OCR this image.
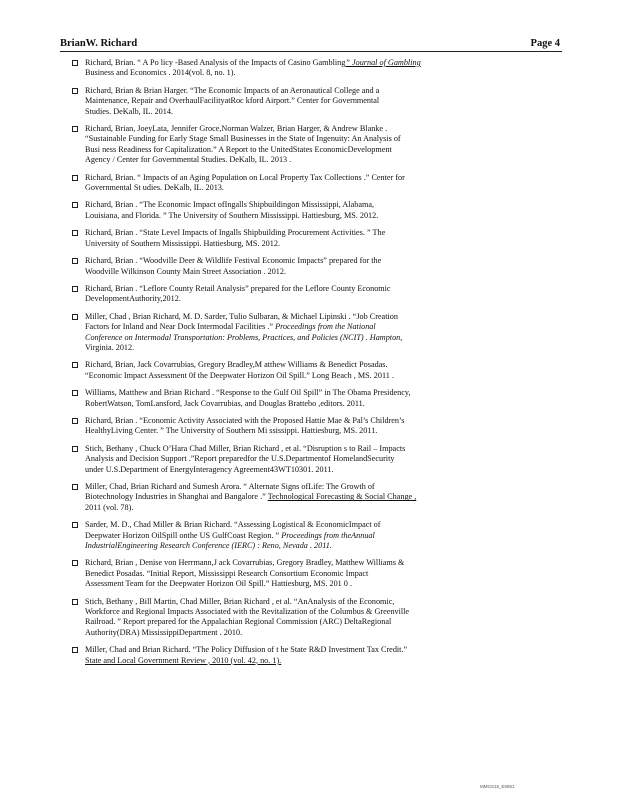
BrianW. Richard	Page 4
Richard, Brian. “ A Po licy -Based Analysis of the Impacts of Casino Gambling” Journal of Gambling
Business and Economics . 2014(vol. 8, no. 1).
Richard, Brian & Brian Harger. “The Economic Impacts of an Aeronautical College and a
Maintenance, Repair and OverhaulFacilityatRoc kford Airport.” Center for Governmental
Studies. DeKalb, IL. 2014.
Richard, Brian, JoeyLata, Jennifer Groce,Norman Walzer, Brian Harger, & Andrew Blanke .
“Sustainable Funding for Early Stage Small Businesses in the State of Ingenuity: An Analysis of
Busi ness Readiness for Capitalization.” A Report to the UnitedStates EconomicDevelopment
Agency / Center for Governmental Studies. DeKalb, IL. 2013 .
Richard, Brian. “ Impacts of an Aging Population on Local Property Tax Collections .” Center for
Governmental St udies. DeKalb, IL. 2013.
Richard, Brian . “The Economic Impact ofIngalls Shipbuildingon Mississippi, Alabama,
Louisiana, and Florida. ” The University of Southern Mississippi. Hattiesburg, MS. 2012.
Richard, Brian . “State Level Impacts of Ingalls Shipbuilding Procurement Activities. ” The
University of Southern Mississippi. Hattiesburg, MS. 2012.
Richard, Brian . “Woodville Deer & Wildlife Festival Economic Impacts” prepared for the
Woodville Wilkinson County Main Street Association . 2012.
Richard, Brian . “Leflore County Retail Analysis” prepared for the Leflore County Economic
DevelopmentAuthority,2012.
Miller, Chad , Brian Richard, M. D. Sarder, Tulio Sulbaran, & Michael Lipinski . “Job Creation
Factors for Inland and Near Dock Intermodal Facilities .” Proceedings from the National
Conference on Intermodal Transportation: Problems, Practices, and Policies (NCIT) . Hampton,
Virginia. 2012.
Richard, Brian, Jack Covarrubias, Gregory Bradley,M atthew Williams & Benedict Posadas.
“Economic Impact Assessment 0f the Deepwater Horizon Oil Spill.” Long Beach , MS. 2011 .
Williams, Matthew and Brian Richard . “Response to the Gulf Oil Spill” in The Obama Presidency,
RobertWatson, TomLansford, Jack Covarrubias, and Douglas Brattebo ,editors. 2011.
Richard, Brian . “Economic Activity Associated with the Proposed Hattie Mae & Pal’s Children’s
HealthyLiving Center. ” The University of Southern Mi ssissippi. Hattiesburg, MS. 2011.
Stich, Bethany , Chuck O’Hara Chad Miller, Brian Richard , et al. “Disruption s to Rail – Impacts
Analysis and Decision Support .”Report preparedfor the U.S.Departmentof HomelandSecurity
under U.S.Department of EnergyInteragency Agreement43WT10301. 2011.
Miller, Chad, Brian Richard and Sumesh Arora. “ Alternate Signs ofLife: The Growth of
Biotechnology Industries in Shanghai and Bangalore .” Technological Forecasting & Social Change ,
2011 (vol. 78).
Sarder, M. D., Chad Miller & Brian Richard. “Assessing Logistical & EconomicImpact of
Deepwater Horizon OilSpill onthe US GulfCoast Region. ” Proceedings from theAnnual
IndustrialEngineering Research Conference (IERC) : Reno, Nevada . 2011.
Richard, Brian , Denise von Herrmann,J ack Covarrubias, Gregory Bradley, Matthew Williams &
Benedict Posadas. “Initial Report, Mississippi Research Consortium Economic Impact
Assessment Team for the Deepwater Horizon Oil Spill.” Hattiesburg, MS. 201 0 .
Stich, Bethany , Bill Martin, Chad Miller, Brian Richard , et al. “AnAnalysis of the Economic,
Workforce and Regional Impacts Associated with the Revitalization of the Columbus & Greenville
Railroad. ” Report prepared for the Appalachian Regional Commission (ARC) DeltaRegional
Authority(DRA) MississippiDepartment . 2010.
Miller, Chad and Brian Richard. “The Policy Diffusion of t he State R&D Investment Tax Credit.”
State and Local Government Review , 2010 (vol. 42, no. 1).
MMGS15_E0851
